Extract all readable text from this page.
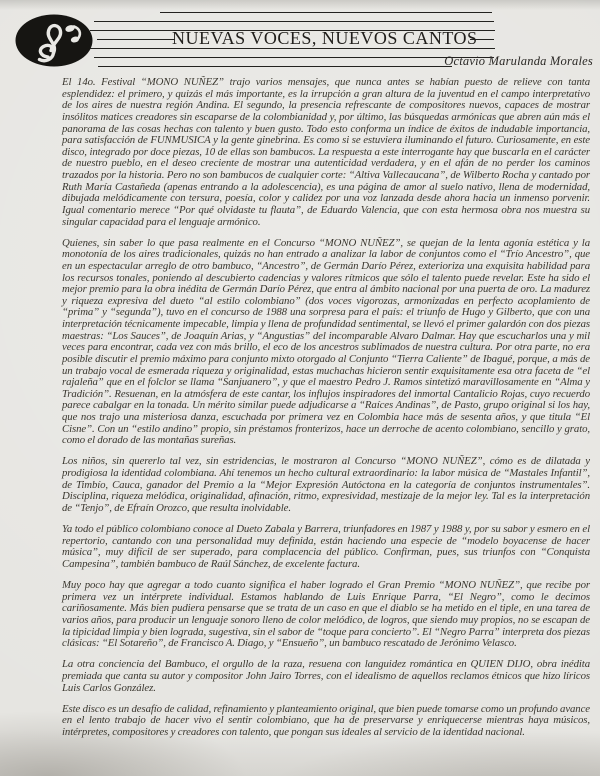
NUEVAS VOCES, NUEVOS CANTOS
Octavio Marulanda Morales

El 14o. Festival “MONO NUÑEZ” trajo varios mensajes, que nunca antes se habían puesto de relieve con tanta esplendidez: el primero, y quizás el más importante, es la irrupción a gran altura de la juventud en el campo interpretativo de los aires de nuestra región Andina. El segundo, la presencia refrescante de compositores nuevos, capaces de mostrar insólitos matices creadores sin escaparse de la colombianidad y, por último, las búsquedas armónicas que abren aún más el panorama de las cosas hechas con talento y buen gusto. Todo esto conforma un índice de éxitos de indudable importancia, para satisfacción de FUNMUSICA y la gente ginebrina. Es como si se estuviera iluminando el futuro. Curiosamente, en este disco, integrado por doce piezas, 10 de ellas son bambucos. La respuesta a este interrogante hay que buscarla en el carácter de nuestro pueblo, en el deseo creciente de mostrar una autenticidad verdadera, y en el afán de no perder los caminos trazados por la historia. Pero no son bambucos de cualquier corte: “Altiva Vallecaucana”, de Wilberto Rocha y cantado por Ruth María Castañeda (apenas entrando a la adolescencia), es una página de amor al suelo nativo, llena de modernidad, dibujada melódicamente con tersura, poesía, color y calidez por una voz lanzada desde ahora hacia un inmenso porvenir. Igual comentario merece “Por qué olvidaste tu flauta”, de Eduardo Valencia, que con esta hermosa obra nos muestra su singular capacidad para el lenguaje armónico.

Quienes, sin saber lo que pasa realmente en el Concurso “MONO NUÑEZ”, se quejan de la lenta agonía estética y la monotonía de los aires tradicionales, quizás no han entrado a analizar la labor de conjuntos como el “Trío Ancestro”, que en un espectacular arreglo de otro bambuco, “Ancestro”, de Germán Darío Pérez, exterioriza una exquisita habilidad para los recursos tonales, poniendo al descubierto cadencias y valores rítmicos que sólo el talento puede revelar. Este ha sido el mejor premio para la obra inédita de Germán Darío Pérez, que entra al ámbito nacional por una puerta de oro. La madurez y riqueza expresiva del dueto “al estilo colombiano” (dos voces vigorozas, armonizadas en perfecto acoplamiento de “prima” y “segunda”), tuvo en el concurso de 1988 una sorpresa para el país: el triunfo de Hugo y Gilberto, que con una interpretación técnicamente impecable, limpia y llena de profundidad sentimental, se llevó el primer galardón con dos piezas maestras: “Los Sauces”, de Joaquín Arias, y “Angustias” del incomparable Alvaro Dalmar. Hay que escucharlos una y mil veces para encontrar, cada vez con más brillo, el eco de los ancestros sublimados de nuestra cultura. Por otra parte, no era posible discutir el premio máximo para conjunto mixto otorgado al Conjunto “Tierra Caliente” de Ibagué, porque, a más de un trabajo vocal de esmerada riqueza y originalidad, estas muchachas hicieron sentir exquisitamente esa otra faceta de “el rajaleña” que en el folclor se llama “Sanjuanero”, y que el maestro Pedro J. Ramos sintetizó maravillosamente en “Alma y Tradición”. Resuenan, en la atmósfera de este cantar, los influjos inspiradores del inmortal Cantalicio Rojas, cuyo recuerdo parece cabalgar en la tonada. Un mérito similar puede adjudicarse a “Raíces Andinas”, de Pasto, grupo original si los hay, que nos trajo una misteriosa danza, escuchada por primera vez en Colombia hace más de sesenta años, y que titula “El Cisne”. Con un “estilo andino” propio, sin préstamos fronterizos, hace un derroche de acento colombiano, sencillo y grato, como el dorado de las montañas sureñas.

Los niños, sin quererlo tal vez, sin estridencias, le mostraron al Concurso “MONO NUÑEZ”, cómo es de dilatada y prodigiosa la identidad colombiana. Ahí tenemos un hecho cultural extraordinario: la labor música de “Mastales Infantil”, de Timbío, Cauca, ganador del Premio a la “Mejor Expresión Autóctona en la categoría de conjuntos instrumentales”. Disciplina, riqueza melódica, originalidad, afinación, ritmo, expresividad, mestizaje de la mejor ley. Tal es la interpretación de “Tenjo”, de Efraín Orozco, que resulta inolvidable.

Ya todo el público colombiano conoce al Dueto Zabala y Barrera, triunfadores en 1987 y 1988 y, por su sabor y esmero en el repertorio, cantando con una personalidad muy definida, están haciendo una especie de “modelo boyacense de hacer música”, muy difícil de ser superado, para complacencia del público. Confirman, pues, sus triunfos con “Conquista Campesina”, también bambuco de Raúl Sánchez, de excelente factura.

Muy poco hay que agregar a todo cuanto significa el haber logrado el Gran Premio “MONO NUÑEZ”, que recibe por primera vez un intérprete individual. Estamos hablando de Luis Enrique Parra, “El Negro”, como le decimos cariñosamente. Más bien pudiera pensarse que se trata de un caso en que el diablo se ha metido en el tiple, en una tarea de varios años, para producir un lenguaje sonoro lleno de color melódico, de logros, que siendo muy propios, no se escapan de la tipicidad limpia y bien lograda, sugestiva, sin el sabor de “toque para concierto”. El “Negro Parra” interpreta dos piezas clásicas: “El Sotareño”, de Francisco A. Diago, y “Ensueño”, un bambuco rescatado de Jerónimo Velasco.

La otra conciencia del Bambuco, el orgullo de la raza, resuena con languidez romántica en QUIEN DIJO, obra inédita premiada que canta su autor y compositor John Jairo Torres, con el idealismo de aquellos reclamos étnicos que hizo líricos Luis Carlos González.

Este disco es un desafío de calidad, refinamiento y planteamiento original, que bien puede tomarse como un profundo avance en el lento trabajo de hacer vivo el sentir colombiano, que ha de preservarse y enriquecerse mientras haya músicos, intérpretes, compositores y creadores con talento, que pongan sus ideales al servicio de la identidad nacional.
